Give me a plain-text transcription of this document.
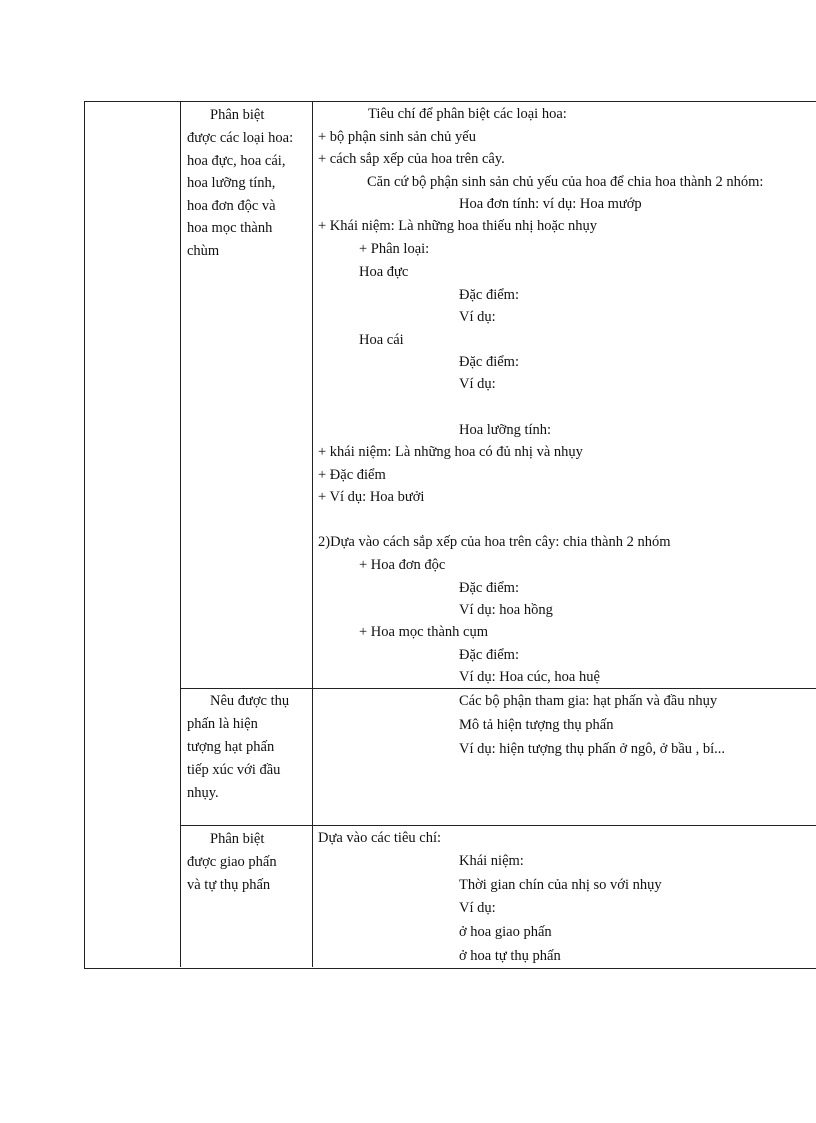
Phân biệt
được các loại hoa:
hoa đực, hoa cái,
hoa lưỡng tính,
hoa đơn độc và
hoa mọc thành
chùm
Tiêu chí để phân biệt các loại hoa:
+ bộ phận sinh sản chủ yếu
+ cách sắp xếp của hoa trên cây.
Căn cứ bộ phận sinh sản chủ yếu của hoa để chia hoa thành 2 nhóm:
Hoa đơn tính: ví dụ: Hoa mướp
+ Khái niệm: Là những hoa thiếu nhị hoặc nhụy
+ Phân loại:
Hoa đực
Đặc điểm:
Ví dụ:
Hoa cái
Đặc điểm:
Ví dụ:
Hoa lưỡng tính:
+ khái niệm: Là những hoa có đủ nhị và nhụy
+ Đặc điểm
+ Ví dụ: Hoa bưởi
2)Dựa vào cách sắp xếp của hoa trên cây: chia thành 2 nhóm
+ Hoa đơn độc
Đặc điểm:
Ví dụ: hoa hồng
+ Hoa mọc thành cụm
Đặc điểm:
Ví dụ: Hoa cúc, hoa huệ
Nêu được thụ
phấn là hiện
tượng hạt phấn
tiếp xúc với đầu
nhụy.
Các bộ phận tham gia: hạt phấn và đầu nhụy
Mô tả hiện tượng thụ phấn
Ví dụ: hiện tượng thụ phấn ở ngô, ở bầu , bí...
Phân biệt
được giao phấn
và tự thụ phấn
Dựa vào các tiêu chí:
Khái niệm:
Thời gian chín của nhị so với nhụy
Ví dụ:
ở hoa giao phấn
ở hoa tự thụ phấn
